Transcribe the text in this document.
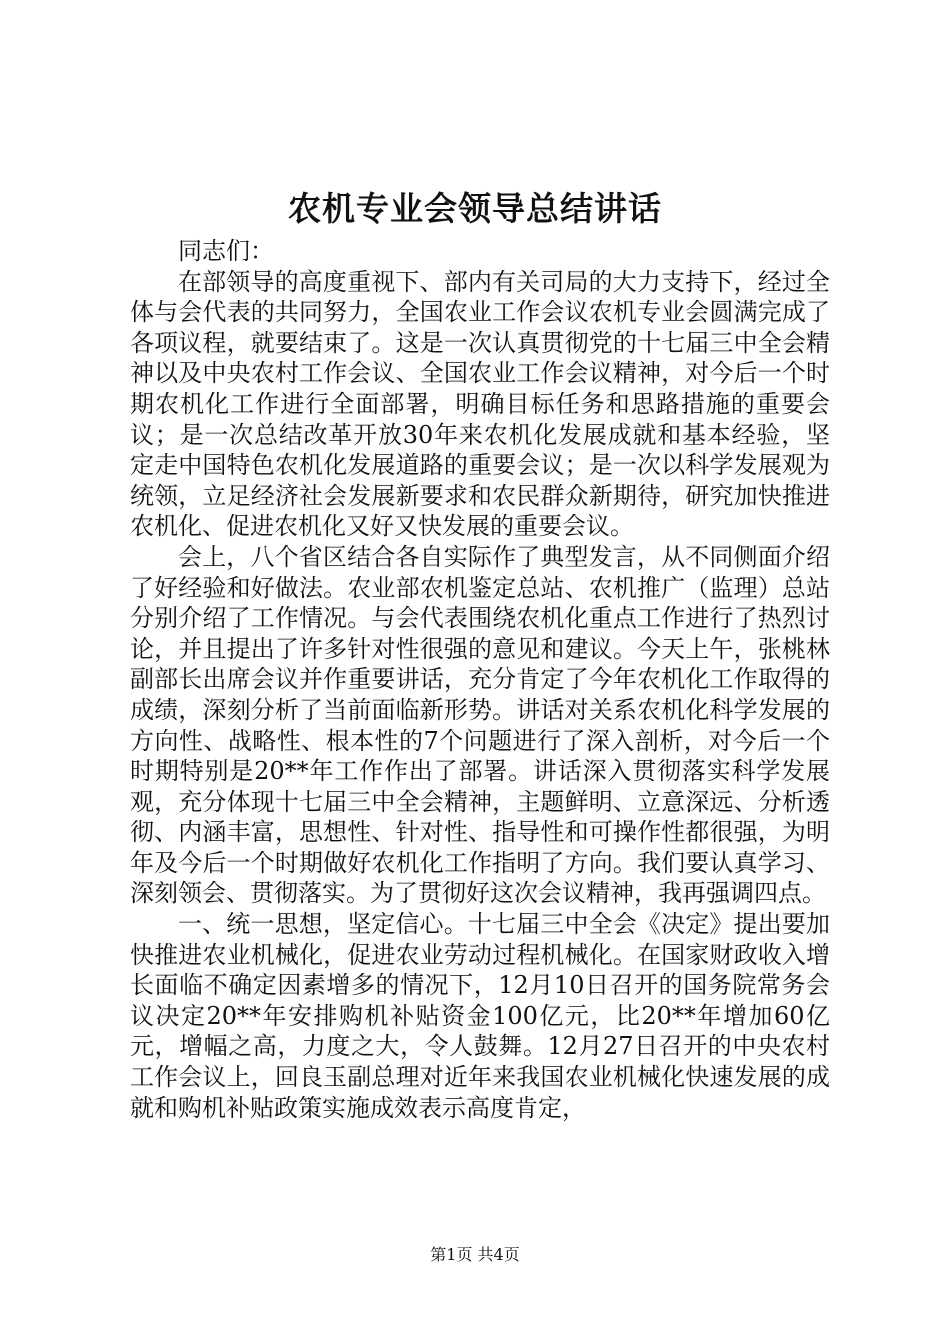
农机专业会领导总结讲话

同志们：

在部领导的高度重视下、部内有关司局的大力支持下，经过全体与会代表的共同努力，全国农业工作会议农机专业会圆满完成了各项议程，就要结束了。这是一次认真贯彻党的十七届三中全会精神以及中央农村工作会议、全国农业工作会议精神，对今后一个时期农机化工作进行全面部署，明确目标任务和思路措施的重要会议；是一次总结改革开放30年来农机化发展成就和基本经验，坚定走中国特色农机化发展道路的重要会议；是一次以科学发展观为统领，立足经济社会发展新要求和农民群众新期待，研究加快推进农机化、促进农机化又好又快发展的重要会议。

会上，八个省区结合各自实际作了典型发言，从不同侧面介绍了好经验和好做法。农业部农机鉴定总站、农机推广（监理）总站分别介绍了工作情况。与会代表围绕农机化重点工作进行了热烈讨论，并且提出了许多针对性很强的意见和建议。今天上午，张桃林副部长出席会议并作重要讲话，充分肯定了今年农机化工作取得的成绩，深刻分析了当前面临新形势。讲话对关系农机化科学发展的方向性、战略性、根本性的7个问题进行了深入剖析，对今后一个时期特别是20**年工作作出了部署。讲话深入贯彻落实科学发展观，充分体现十七届三中全会精神，主题鲜明、立意深远、分析透彻、内涵丰富，思想性、针对性、指导性和可操作性都很强，为明年及今后一个时期做好农机化工作指明了方向。我们要认真学习、深刻领会、贯彻落实。为了贯彻好这次会议精神，我再强调四点。

一、统一思想，坚定信心。十七届三中全会《决定》提出要加快推进农业机械化，促进农业劳动过程机械化。在国家财政收入增长面临不确定因素增多的情况下，12月10日召开的国务院常务会议决定20**年安排购机补贴资金100亿元，比20**年增加60亿元，增幅之高，力度之大，令人鼓舞。12月27日召开的中央农村工作会议上，回良玉副总理对近年来我国农业机械化快速发展的成就和购机补贴政策实施成效表示高度肯定，

第1页 共4页
